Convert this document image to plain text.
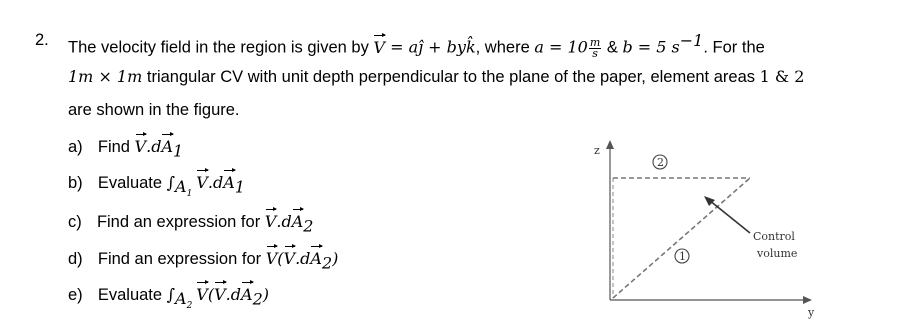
2. The velocity field in the region is given by V = aĵ + byk̂, where $a = 10 \frac{m}{s}$ & b = 5 $s^{-1}$. For the
1m × 1m triangular CV with unit depth perpendicular to the plane of the paper, element areas 1 & 2
are shown in the figure.
a) Find $V.dA_1$
b) Evaluate $\int_{A_1}V.dA_1$
c) Find an expression for $V.dA_2$
d) Find an expression for $V(V.dA_2)$
e) Evaluate $\int_{A_2}V(V.dA_2)$
z
y
2
1
Control
volume
